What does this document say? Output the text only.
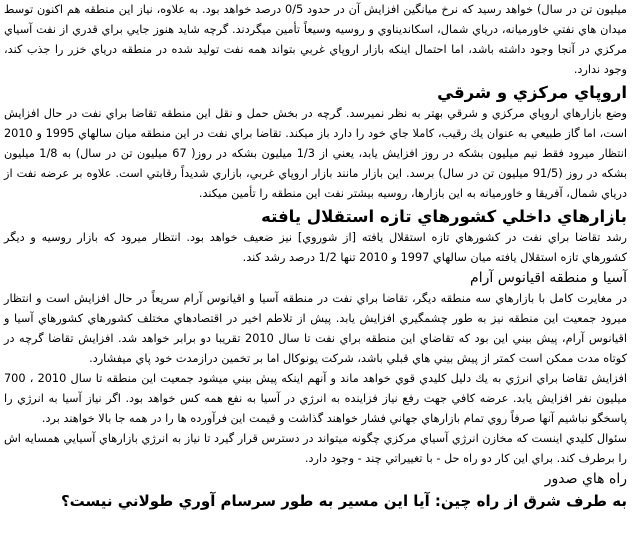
ميليون تن در سال) خواهد رسيد كه نرخ ميانگين افزايش آن در حدود 0/5 درصد خواهد بود. به علاوه، نياز اين منطقه هم اكنون توسط ميدان هاي نفتي خاورميانه، درياي شمال، اسكانديناوي و روسيه وسيعاً تأمين ميگردند. گرچه شايد هنوز جايي براي قدري از نفت آسياي مركزي در آنجا وجود داشته باشد، اما احتمال اينكه بازار اروپاي غربي بتواند همه نفت توليد شده در منطقه درياي خزر را جذب كند، وجود ندارد.

اروپاي مركزي و شرقي

وضع بازارهاي اروپاي مركزي و شرقي بهتر به نظر نميرسد. گرچه در بخش حمل و نقل اين منطقه تقاضا براي نفت در حال افزايش است، اما گاز طبيعي به عنوان يك رقيب، كاملا جاي خود را دارد باز ميكند. تقاضا براي نفت در اين منطقه ميان سالهاي 1995 و 2010 انتظار ميرود فقط نيم ميليون بشكه در روز افزايش يابد، يعني از 1/3 ميليون بشكه در روز( 67 ميليون تن در سال) به 1/8 ميليون بشكه در روز (91/5 ميليون تن در سال) برسد. اين بازار مانند بازار اروپاي غربي، بازاري شديداً رقابتي است. علاوه بر عرضه نفت از درياي شمال، آفريقا و خاورميانه به اين بازارها، روسيه بيشتر نفت اين منطقه را تأمين ميكند.

بازارهاي داخلي كشورهاي تازه استقلال يافته

رشد تقاضا براي نفت در كشورهاي تازه استقلال يافته [از شوروي] نيز ضعيف خواهد بود. انتظار ميرود كه بازار روسيه و ديگر كشورهاي تازه استقلال يافته ميان سالهاي 1997 و 2010 تنها 1/2 درصد رشد كند.

آسيا و منطقه اقيانوس آرام

در مغايرت كامل با بازارهاي سه منطقه ديگر، تقاضا براي نفت در منطقه آسيا و اقيانوس آرام سريعاً در حال افزايش است و انتظار ميرود جمعيت اين منطقه نيز به طور چشمگيري افزايش يابد. پيش از تلاطم اخير در اقتصادهاي مختلف كشورهاي كشورهاي آسيا و اقيانوس آرام، پيش بيني اين بود كه تقاضاي اين منطقه براي نفت تا سال 2010 تقريبا دو برابر خواهد شد. افزايش تقاضا گرچه در كوتاه مدت ممكن است كمتر از پيش بيني هاي قبلي باشد، شركت يونوكال اما بر تخمين درازمدت خود پاي ميفشارد.

افزايش تقاضا براي انرژي به يك دليل كليدي قوي خواهد ماند و آنهم اينكه پيش بيني ميشود جمعيت اين منطقه تا سال 2010 ، 700 ميليون نفر افزايش يابد. عرضه كافي جهت رفع نياز فزاينده به انرژي در آسيا به نفع همه كس خواهد بود. اگر نياز آسيا به انرژي را پاسخگو نباشيم آنها صرفاً روي تمام بازارهاي جهاني فشار خواهند گذاشت و قيمت اين فرآورده ها را در همه جا بالا خواهند برد.

سئوال كليدي اينست كه مخازن انرژي آسياي مركزي چگونه ميتواند در دسترس قرار گيرد تا نياز به انرژي بازارهاي آسيايي همسايه اش را برطرف كند. براي اين كار دو راه حل - با تغييراتي چند - وجود دارد.

راه هاي صدور
به طرف شرق از راه چين: آيا اين مسير به طور سرسام آوري طولاني نيست؟
